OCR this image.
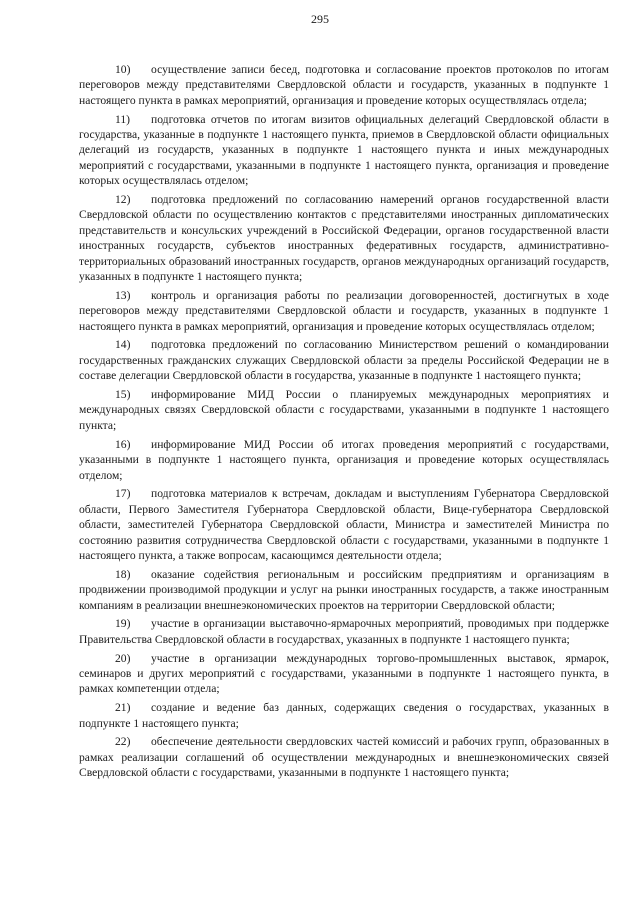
295

10) осуществление записи бесед, подготовка и согласование проектов протоколов по итогам переговоров между представителями Свердловской области и государств, указанных в подпункте 1 настоящего пункта в рамках мероприятий, организация и проведение которых осуществлялась отдела;

11) подготовка отчетов по итогам визитов официальных делегаций Свердловской области в государства, указанные в подпункте 1 настоящего пункта, приемов в Свердловской области официальных делегаций из государств, указанных в подпункте 1 настоящего пункта и иных международных мероприятий с государствами, указанными в подпункте 1 настоящего пункта, организация и проведение которых осуществлялась отделом;

12) подготовка предложений по согласованию намерений органов государственной власти Свердловской области по осуществлению контактов с представителями иностранных дипломатических представительств и консульских учреждений в Российской Федерации, органов государственной власти иностранных государств, субъектов иностранных федеративных государств, административно-территориальных образований иностранных государств, органов международных организаций государств, указанных в подпункте 1 настоящего пункта;

13) контроль и организация работы по реализации договоренностей, достигнутых в ходе переговоров между представителями Свердловской области и государств, указанных в подпункте 1 настоящего пункта в рамках мероприятий, организация и проведение которых осуществлялась отделом;

14) подготовка предложений по согласованию Министерством решений о командировании государственных гражданских служащих Свердловской области за пределы Российской Федерации не в составе делегации Свердловской области в государства, указанные в подпункте 1 настоящего пункта;

15) информирование МИД России о планируемых международных мероприятиях и международных связях Свердловской области с государствами, указанными в подпункте 1 настоящего пункта;

16) информирование МИД России об итогах проведения мероприятий с государствами, указанными в подпункте 1 настоящего пункта, организация и проведение которых осуществлялась отделом;

17) подготовка материалов к встречам, докладам и выступлениям Губернатора Свердловской области, Первого Заместителя Губернатора Свердловской области, Вице-губернатора Свердловской области, заместителей Губернатора Свердловской области, Министра и заместителей Министра по состоянию развития сотрудничества Свердловской области с государствами, указанными в подпункте 1 настоящего пункта, а также вопросам, касающимся деятельности отдела;

18) оказание содействия региональным и российским предприятиям и организациям в продвижении производимой продукции и услуг на рынки иностранных государств, а также иностранным компаниям в реализации внешнеэкономических проектов на территории Свердловской области;

19) участие в организации выставочно-ярмарочных мероприятий, проводимых при поддержке Правительства Свердловской области в государствах, указанных в подпункте 1 настоящего пункта;

20) участие в организации международных торгово-промышленных выставок, ярмарок, семинаров и других мероприятий с государствами, указанными в подпункте 1 настоящего пункта, в рамках компетенции отдела;

21) создание и ведение баз данных, содержащих сведения о государствах, указанных в подпункте 1 настоящего пункта;

22) обеспечение деятельности свердловских частей комиссий и рабочих групп, образованных в рамках реализации соглашений об осуществлении международных и внешнеэкономических связей Свердловской области с государствами, указанными в подпункте 1 настоящего пункта;
